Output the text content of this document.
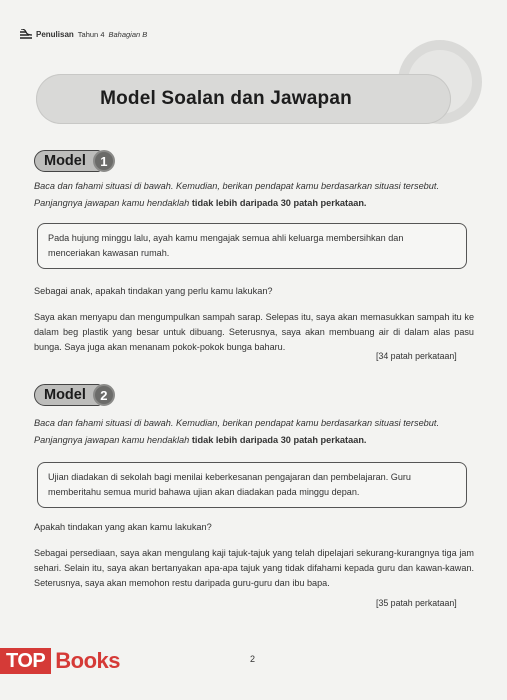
Penulisan Tahun 4 Bahagian B
Model Soalan dan Jawapan
Model	1
Baca dan fahami situasi di bawah. Kemudian, berikan pendapat kamu berdasarkan situasi tersebut.
Panjangnya jawapan kamu hendaklah tidak lebih daripada 30 patah perkataan.
Pada hujung minggu lalu, ayah kamu mengajak semua ahli keluarga membersihkan dan menceriakan kawasan rumah.
Sebagai anak, apakah tindakan yang perlu kamu lakukan?
Saya akan menyapu dan mengumpulkan sampah sarap. Selepas itu, saya akan memasukkan sampah itu ke dalam beg plastik yang besar untuk dibuang. Seterusnya, saya akan membuang air di dalam alas pasu bunga. Saya juga akan menanam pokok-pokok bunga baharu.
[34 patah perkataan]
Model	2
Baca dan fahami situasi di bawah. Kemudian, berikan pendapat kamu berdasarkan situasi tersebut.
Panjangnya jawapan kamu hendaklah tidak lebih daripada 30 patah perkataan.
Ujian diadakan di sekolah bagi menilai keberkesanan pengajaran dan pembelajaran. Guru memberitahu semua murid bahawa ujian akan diadakan pada minggu depan.
Apakah tindakan yang akan kamu lakukan?
Sebagai persediaan, saya akan mengulang kaji tajuk-tajuk yang telah dipelajari sekurang-kurangnya tiga jam sehari. Selain itu, saya akan bertanyakan apa-apa tajuk yang tidak difahami kepada guru dan kawan-kawan. Seterusnya, saya akan memohon restu daripada guru-guru dan ibu bapa.
[35 patah perkataan]
TOP Books	2
